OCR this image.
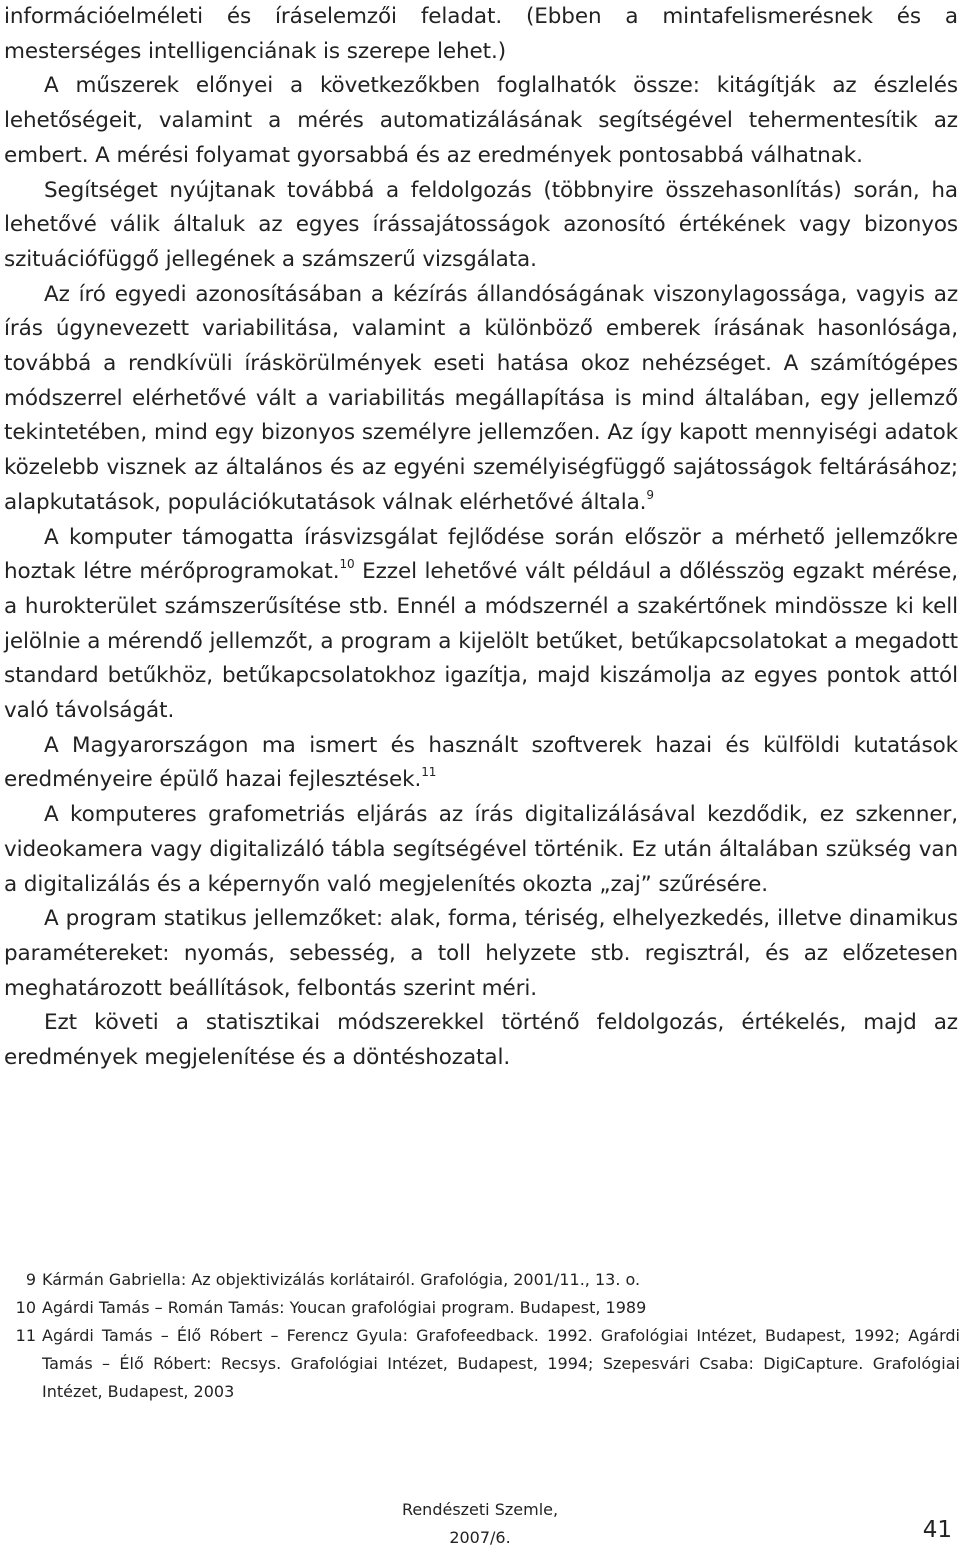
információelméleti és íráselemzői feladat. (Ebben a mintafelismerésnek és a mesterséges intelligenciának is szerepe lehet.)

A műszerek előnyei a következőkben foglalhatók össze: kitágítják az észlelés lehetőségeit, valamint a mérés automatizálásának segítségével tehermentesítik az embert. A mérési folyamat gyorsabbá és az eredmények pontosabbá válhatnak.

Segítséget nyújtanak továbbá a feldolgozás (többnyire összehasonlítás) során, ha lehetővé válik általuk az egyes írássajátosságok azonosító értékének vagy bizonyos szituációfüggő jellegének a számszerű vizsgálata.

Az író egyedi azonosításában a kézírás állandóságának viszonylagossága, vagyis az írás úgynevezett variabilitása, valamint a különböző emberek írásának hasonlósága, továbbá a rendkívüli íráskörülmények eseti hatása okoz nehézséget. A számítógépes módszerrel elérhetővé vált a variabilitás megállapítása is mind általában, egy jellemző tekintetében, mind egy bizonyos személyre jellemzően. Az így kapott mennyiségi adatok közelebb visznek az általános és az egyéni személyiségfüggő sajátosságok feltárásához; alapkutatások, populációkutatások válnak elérhetővé általa.$^9$

A komputer támogatta írásvizsgálat fejlődése során először a mérhető jellemzőkre hoztak létre mérőprogramokat.$^{10}$ Ezzel lehetővé vált például a dőlésszög egzakt mérése, a hurokterület számszerűsítése stb. Ennél a módszernél a szakértőnek mindössze ki kell jelölnie a mérendő jellemzőt, a program a kijelölt betűket, betűkapcsolatokat a megadott standard betűkhöz, betűkapcsolatokhoz igazítja, majd kiszámolja az egyes pontok attól való távolságát.

A Magyarországon ma ismert és használt szoftverek hazai és külföldi kutatások eredményeire épülő hazai fejlesztések.$^{11}$

A komputeres grafometriás eljárás az írás digitalizálásával kezdődik, ez szkenner, videokamera vagy digitalizáló tábla segítségével történik. Ez után általában szükség van a digitalizálás és a képernyőn való megjelenítés okozta „zaj” szűrésére.

A program statikus jellemzőket: alak, forma, tériség, elhelyezkedés, illetve dinamikus paramétereket: nyomás, sebesség, a toll helyzete stb. regisztrál, és az előzetesen meghatározott beállítások, felbontás szerint méri.

Ezt követi a statisztikai módszerekkel történő feldolgozás, értékelés, majd az eredmények megjelenítése és a döntéshozatal.

9 Kármán Gabriella: Az objektivizálás korlátairól. Grafológia, 2001/11., 13. o.
10 Agárdi Tamás – Román Tamás: Youcan grafológiai program. Budapest, 1989
11 Agárdi Tamás – Élő Róbert – Ferencz Gyula: Grafofeedback. 1992. Grafológiai Intézet, Budapest, 1992; Agárdi Tamás – Élő Róbert: Recsys. Grafológiai Intézet, Budapest, 1994; Szepesvári Csaba: DigiCapture. Grafológiai Intézet, Budapest, 2003
Rendészeti Szemle,
2007/6.	41
